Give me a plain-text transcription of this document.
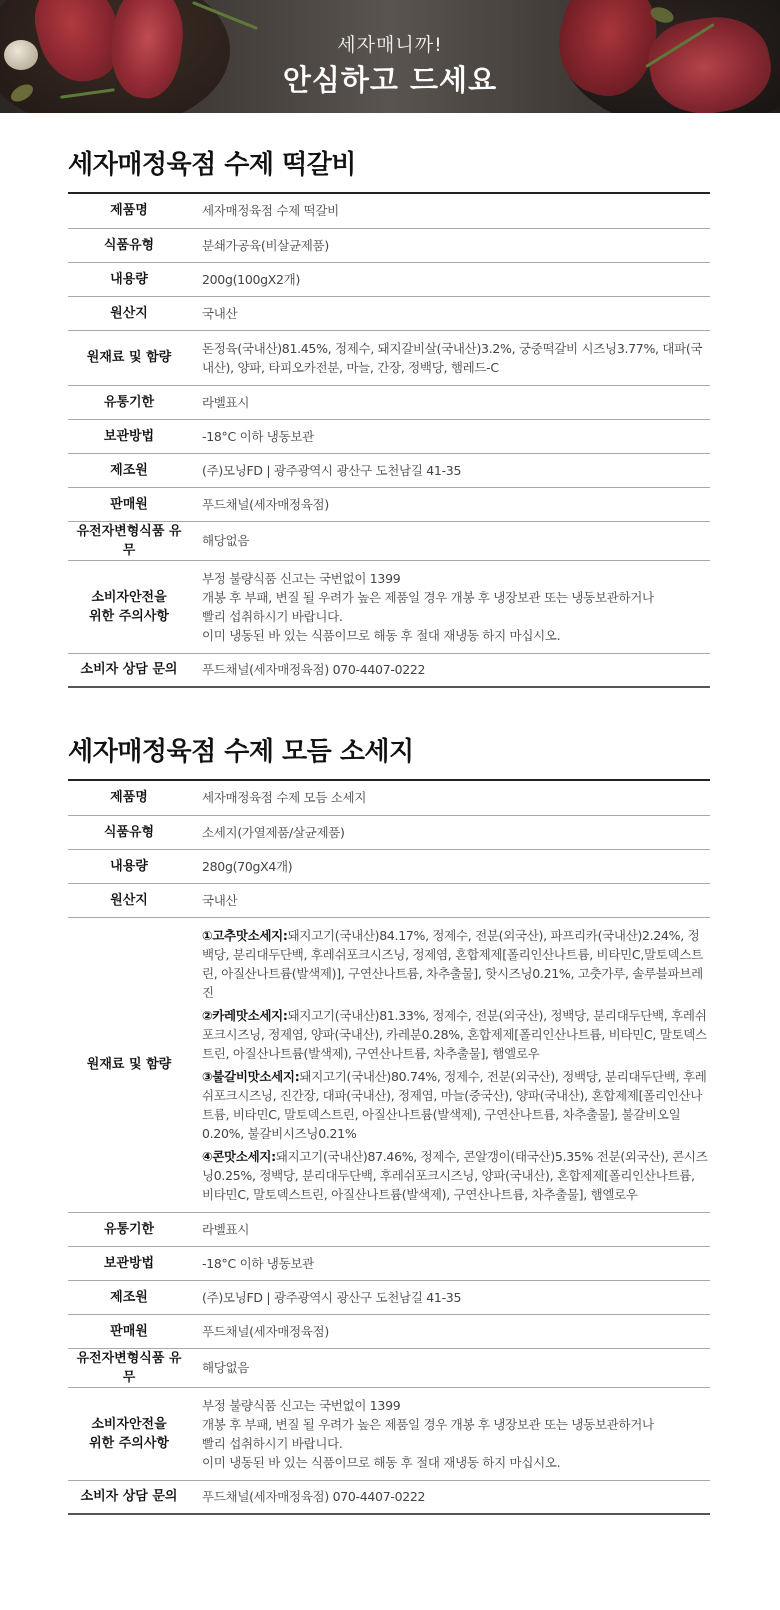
세자매니까!
안심하고 드세요
세자매정육점 수제 떡갈비
제품명	세자매정육점 수제 떡갈비
식품유형	분쇄가공육(비살균제품)
내용량	200g(100gX2개)
원산지	국내산
원재료 및 함량	돈정육(국내산)81.45%, 정제수, 돼지갈비살(국내산)3.2%, 궁중떡갈비 시즈닝3.77%, 대파(국내산), 양파, 타피오카전분, 마늘, 간장, 정백당, 햄레드-C
유통기한	라벨표시
보관방법	-18°C 이하 냉동보관
제조원	(주)모닝FD | 광주광역시 광산구 도천남길 41-35
판매원	푸드채널(세자매정육점)
유전자변형식품 유무	해당없음

소비자안전을
위한 주의사항	부정 불량식품 신고는 국번없이 1399
개봉 후 부패, 변질 될 우려가 높은 제품일 경우 개봉 후 냉장보관 또는 냉동보관하거나
빨리 섭취하시기 바랍니다.
이미 냉동된 바 있는 식품이므로 해동 후 절대 재냉동 하지 마십시오.

소비자 상담 문의	푸드채널(세자매정육점) 070-4407-0222
세자매정육점 수제 모듬 소세지
제품명	세자매정육점 수제 모듬 소세지
식품유형	소세지(가열제품/살균제품)
내용량	280g(70gX4개)
원산지	국내산
원재료 및 함량	①고추맛소세지:돼지고기(국내산)84.17%, 정제수, 전분(외국산), 파프리카(국내산)2.24%, 정백당, 분리대두단백, 후레쉬포크시즈닝, 정제염, 혼합제제[폴리인산나트륨, 비타민C,말토덱스트린, 아질산나트륨(발색제)], 구연산나트륨, 차추출물], 핫시즈닝0.21%, 고춧가루, 솔루블파브레진
②카레맛소세지:돼지고기(국내산)81.33%, 정제수, 전분(외국산), 정백당, 분리대두단백, 후레쉬포크시즈닝, 정제염, 양파(국내산), 카레분0.28%, 혼합제제[폴리인산나트륨, 비타민C, 말토덱스트린, 아질산나트륨(발색제), 구연산나트륨, 차추출물], 햄엘로우
③불갈비맛소세지:돼지고기(국내산)80.74%, 정제수, 전분(외국산), 정백당, 분리대두단백, 후레쉬포크시즈닝, 진간장, 대파(국내산), 정제염, 마늘(중국산), 양파(국내산), 혼합제제[폴리인산나트륨, 비타민C, 말토덱스트린, 아질산나트륨(발색제), 구연산나트륨, 차추출물], 불갈비오일0.20%, 불갈비시즈닝0.21%
④콘맛소세지:돼지고기(국내산)87.46%, 정제수, 콘알갱이(태국산)5.35% 전분(외국산), 콘시즈닝0.25%, 정백당, 분리대두단백, 후레쉬포크시즈닝, 양파(국내산), 혼합제제[폴리인산나트륨, 비타민C, 말토덱스트린, 아질산나트륨(발색제), 구연산나트륨, 차추출물], 햄엘로우

유통기한	라벨표시
보관방법	-18°C 이하 냉동보관
제조원	(주)모닝FD | 광주광역시 광산구 도천남길 41-35
판매원	푸드채널(세자매정육점)
유전자변형식품 유무	해당없음

소비자안전을
위한 주의사항	부정 불량식품 신고는 국번없이 1399
개봉 후 부패, 변질 될 우려가 높은 제품일 경우 개봉 후 냉장보관 또는 냉동보관하거나
빨리 섭취하시기 바랍니다.
이미 냉동된 바 있는 식품이므로 해동 후 절대 재냉동 하지 마십시오.

소비자 상담 문의	푸드채널(세자매정육점) 070-4407-0222
